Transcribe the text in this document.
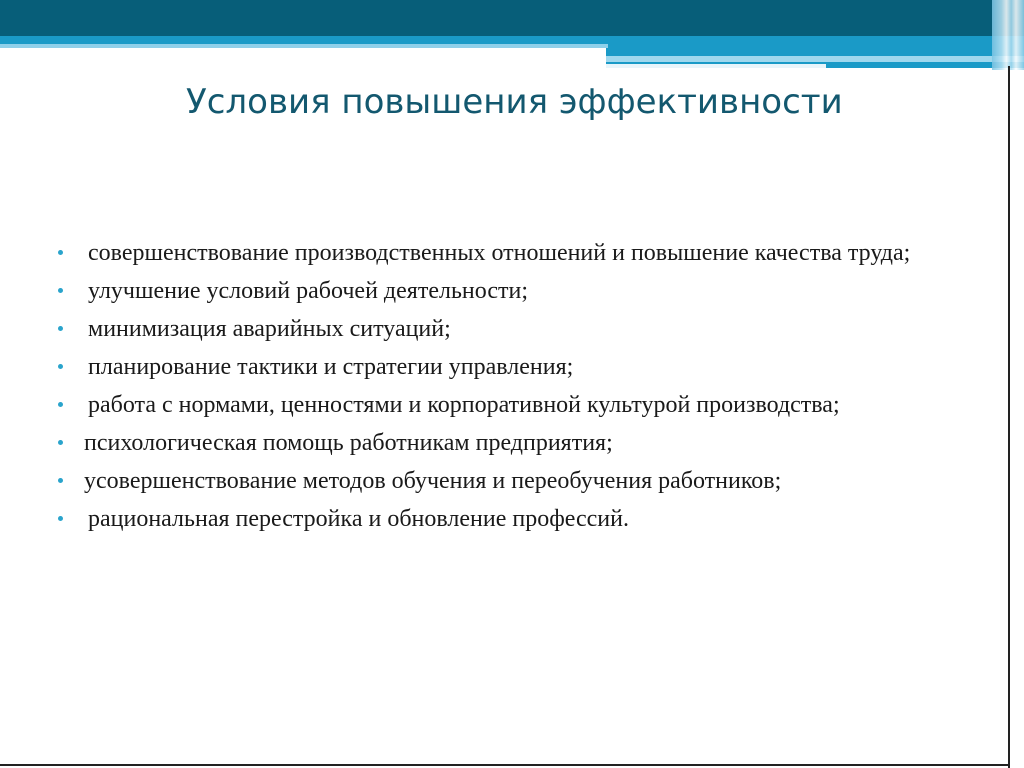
Условия повышения эффективности
совершенствование производственных отношений и повышение качества труда;
улучшение условий рабочей деятельности;
минимизация аварийных ситуаций;
планирование тактики и стратегии управления;
работа с нормами, ценностями и корпоративной культурой производства;
психологическая помощь работникам предприятия;
усовершенствование методов обучения и переобучения работников;
рациональная перестройка и обновление профессий.
